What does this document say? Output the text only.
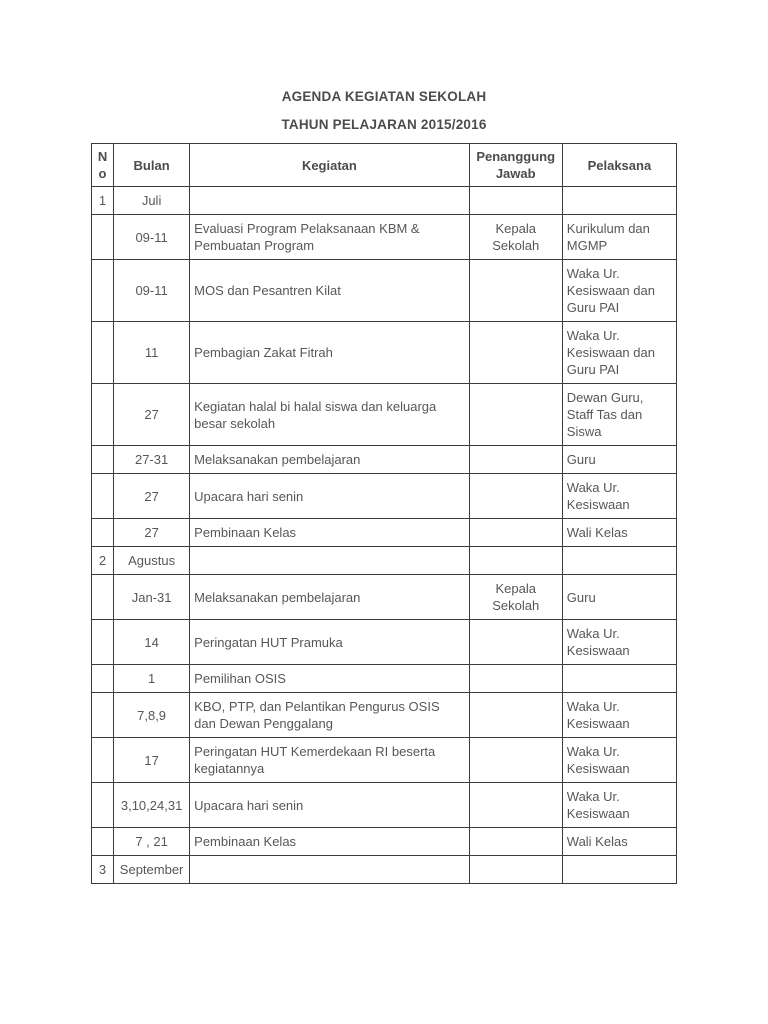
AGENDA KEGIATAN SEKOLAH
TAHUN PELAJARAN 2015/2016
No	Bulan	Kegiatan	Penanggung Jawab	Pelaksana
1	Juli			
	09-11	Evaluasi Program Pelaksanaan KBM & Pembuatan Program	Kepala Sekolah	Kurikulum dan MGMP
	09-11	MOS dan Pesantren Kilat		Waka Ur. Kesiswaan dan Guru PAI
	11	Pembagian Zakat Fitrah		Waka Ur. Kesiswaan dan Guru PAI
	27	Kegiatan halal bi halal siswa dan keluarga besar sekolah		Dewan Guru, Staff Tas dan Siswa
	27-31	Melaksanakan pembelajaran		Guru
	27	Upacara hari senin		Waka Ur. Kesiswaan
	27	Pembinaan Kelas		Wali Kelas
2	Agustus			
	Jan-31	Melaksanakan pembelajaran	Kepala Sekolah	Guru
	14	Peringatan HUT Pramuka		Waka Ur. Kesiswaan
	1	Pemilihan OSIS		
	7,8,9	KBO, PTP, dan Pelantikan Pengurus OSIS dan Dewan Penggalang		Waka Ur. Kesiswaan
	17	Peringatan HUT Kemerdekaan RI beserta kegiatannya		Waka Ur. Kesiswaan
	3,10,24,31	Upacara hari senin		Waka Ur. Kesiswaan
	7 , 21	Pembinaan Kelas		Wali Kelas
3	September			
